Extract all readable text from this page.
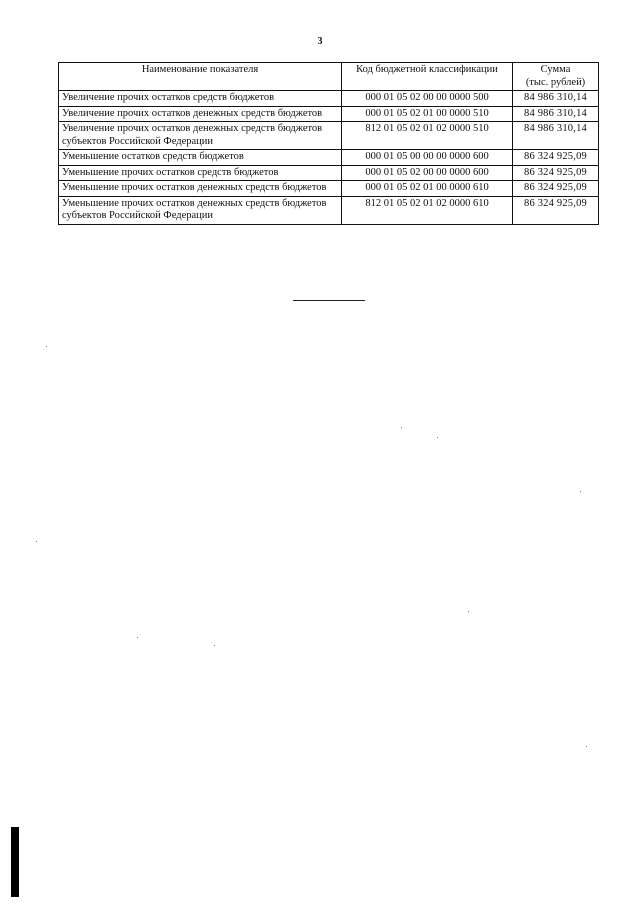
3
Наименование показателя	Код бюджетной классификации	Сумма
(тыс. рублей)

Увеличение прочих остатков средств бюджетов	000 01 05 02 00 00 0000 500	84 986 310,14
Увеличение прочих остатков денежных средств бюджетов	000 01 05 02 01 00 0000 510	84 986 310,14
Увеличение прочих остатков денежных средств бюджетов субъектов Российской Федерации	812 01 05 02 01 02 0000 510	84 986 310,14
Уменьшение остатков средств бюджетов	000 01 05 00 00 00 0000 600	86 324 925,09
Уменьшение прочих остатков средств бюджетов	000 01 05 02 00 00 0000 600	86 324 925,09
Уменьшение прочих остатков денежных средств бюджетов	000 01 05 02 01 00 0000 610	86 324 925,09
Уменьшение прочих остатков денежных средств бюджетов субъектов Российской Федерации	812 01 05 02 01 02 0000 610	86 324 925,09
